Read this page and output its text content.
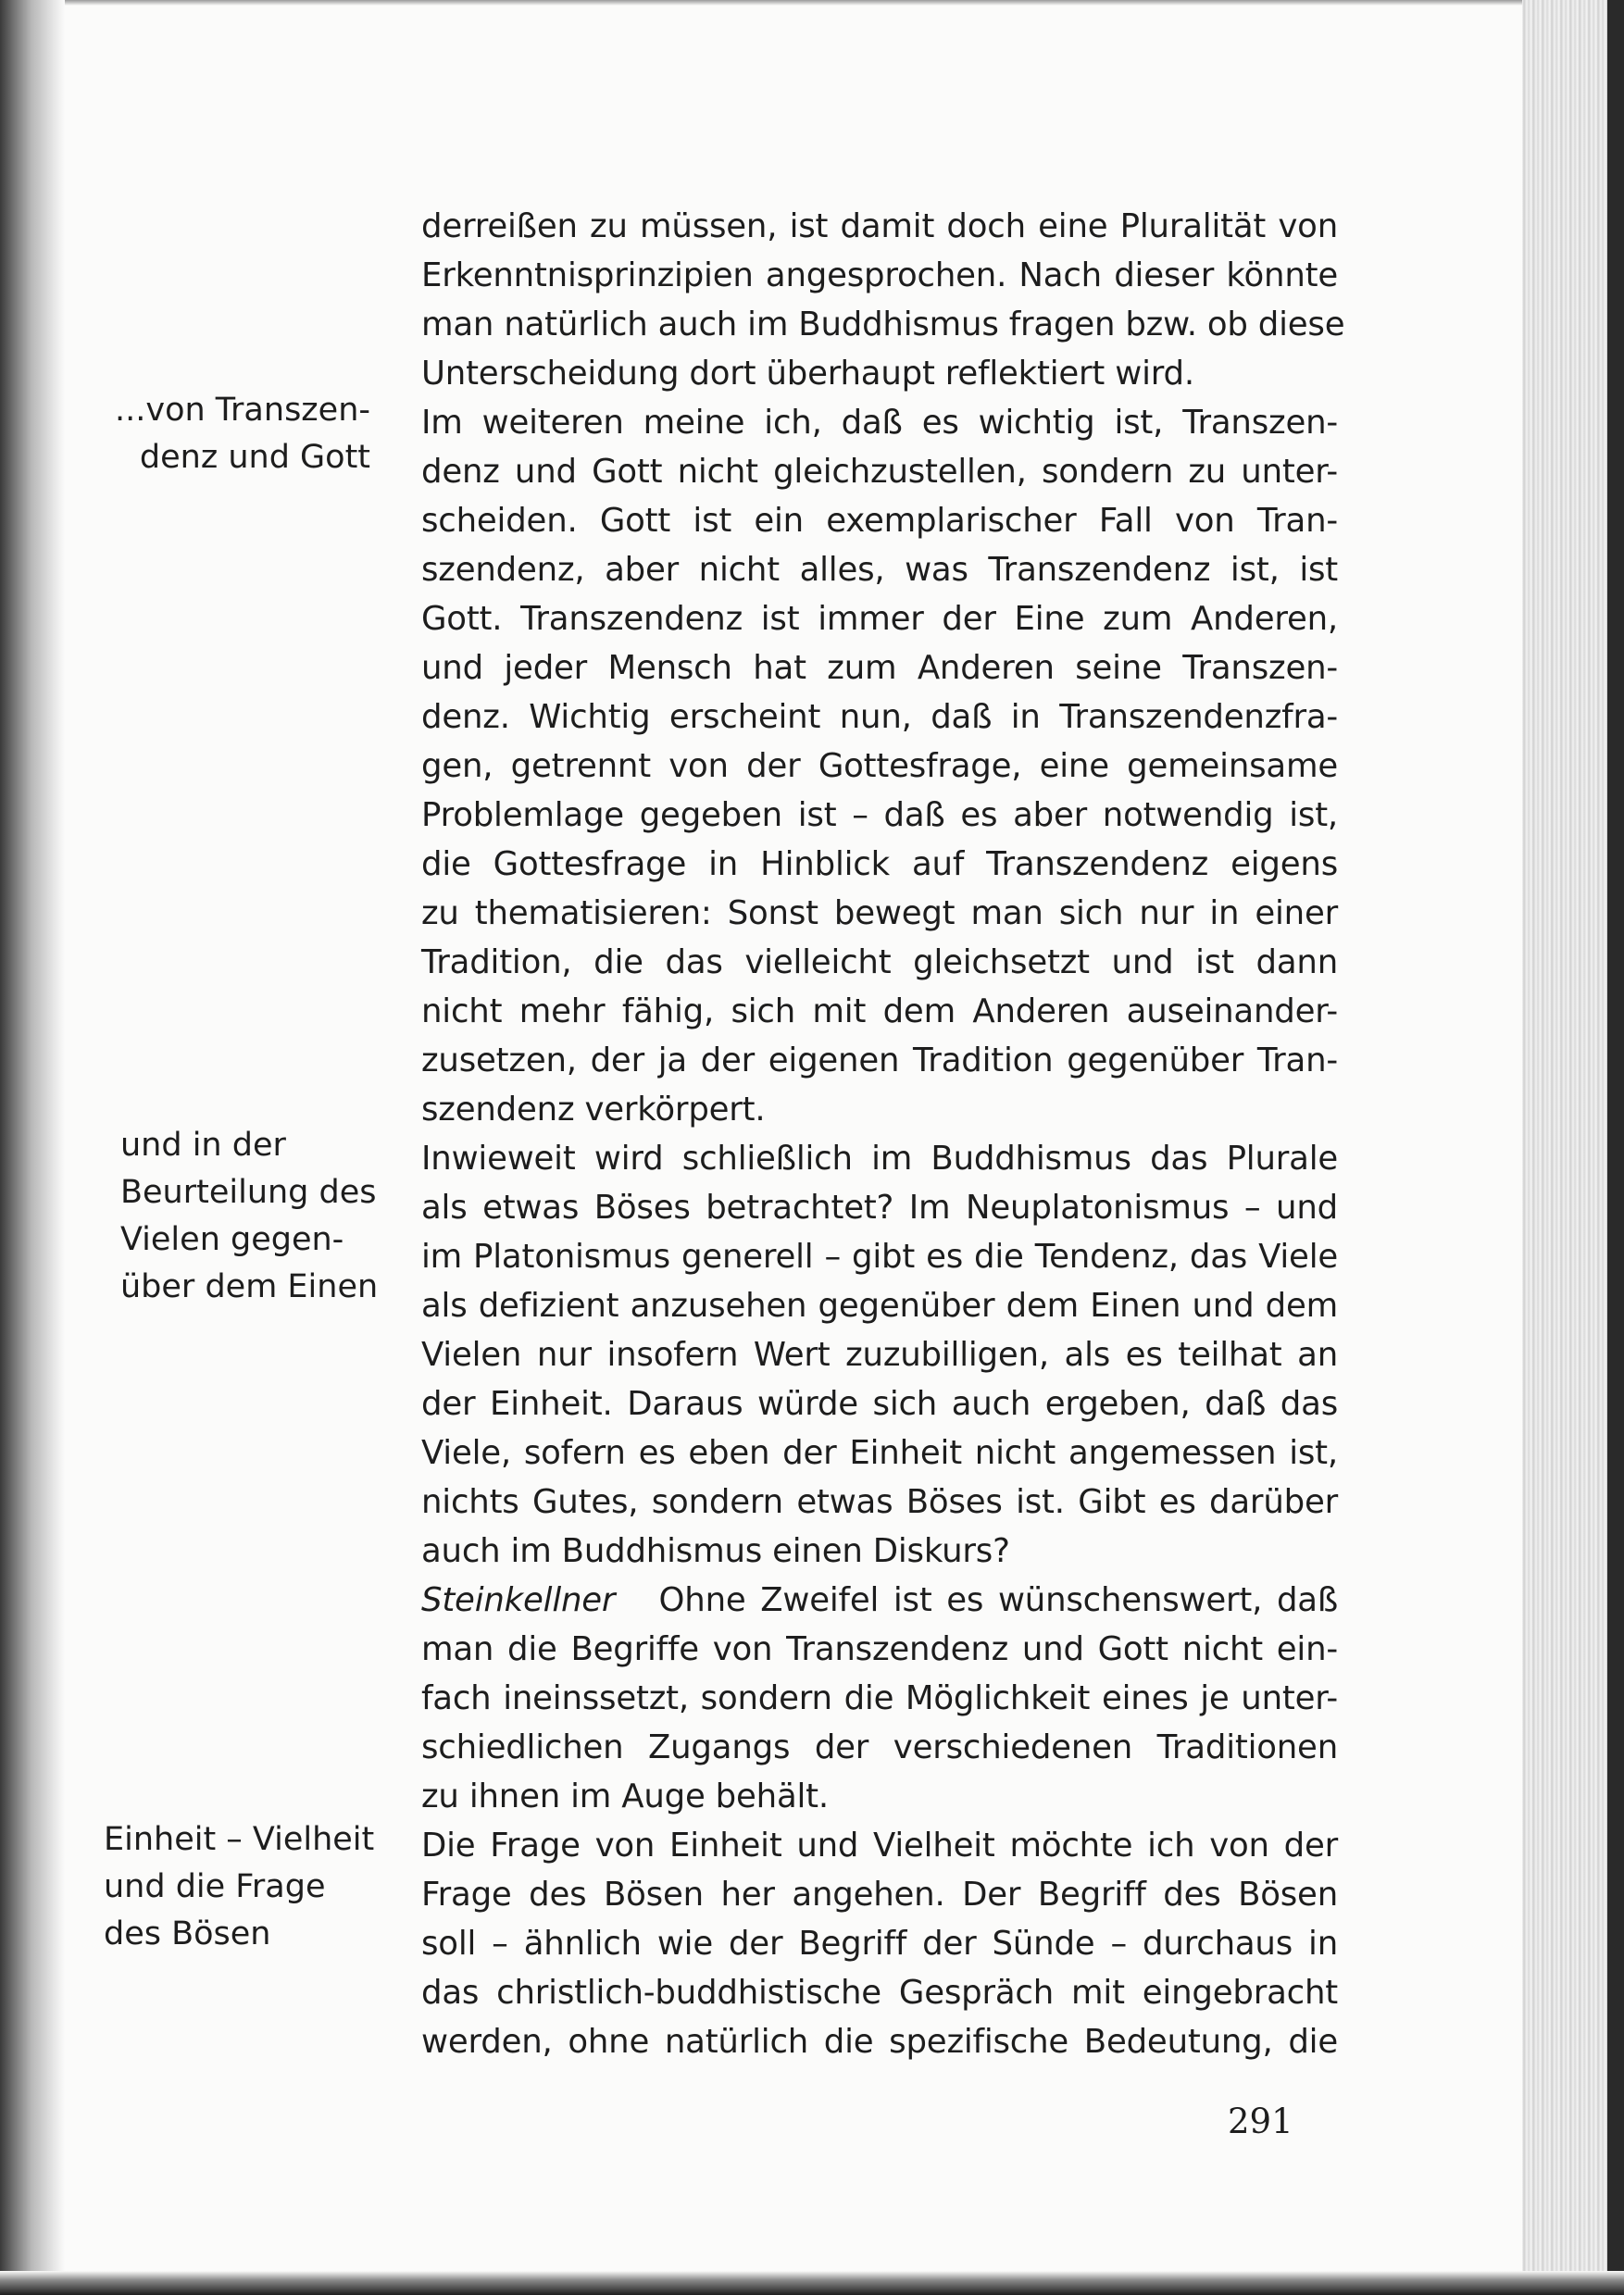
...von Transzen-
denz und Gott
und in der
Beurteilung des
Vielen gegen-
über dem Einen
Einheit – Vielheit
und die Frage
des Bösen
derreißen zu müssen, ist damit doch eine Pluralität von
Erkenntnisprinzipien angesprochen. Nach dieser könnte
man natürlich auch im Buddhismus fragen bzw. ob diese
Unterscheidung dort überhaupt reflektiert wird.
Im weiteren meine ich, daß es wichtig ist, Transzen-
denz und Gott nicht gleichzustellen, sondern zu unter-
scheiden. Gott ist ein exemplarischer Fall von Tran-
szendenz, aber nicht alles, was Transzendenz ist, ist
Gott. Transzendenz ist immer der Eine zum Anderen,
und jeder Mensch hat zum Anderen seine Transzen-
denz. Wichtig erscheint nun, daß in Transzendenzfra-
gen, getrennt von der Gottesfrage, eine gemeinsame
Problemlage gegeben ist – daß es aber notwendig ist,
die Gottesfrage in Hinblick auf Transzendenz eigens
zu thematisieren: Sonst bewegt man sich nur in einer
Tradition, die das vielleicht gleichsetzt und ist dann
nicht mehr fähig, sich mit dem Anderen auseinander-
zusetzen, der ja der eigenen Tradition gegenüber Tran-
szendenz verkörpert.
Inwieweit wird schließlich im Buddhismus das Plurale
als etwas Böses betrachtet? Im Neuplatonismus – und
im Platonismus generell – gibt es die Tendenz, das Viele
als defizient anzusehen gegenüber dem Einen und dem
Vielen nur insofern Wert zuzubilligen, als es teilhat an
der Einheit. Daraus würde sich auch ergeben, daß das
Viele, sofern es eben der Einheit nicht angemessen ist,
nichts Gutes, sondern etwas Böses ist. Gibt es darüber
auch im Buddhismus einen Diskurs?
Steinkellner Ohne Zweifel ist es wünschenswert, daß
man die Begriffe von Transzendenz und Gott nicht ein-
fach ineinssetzt, sondern die Möglichkeit eines je unter-
schiedlichen Zugangs der verschiedenen Traditionen
zu ihnen im Auge behält.
Die Frage von Einheit und Vielheit möchte ich von der
Frage des Bösen her angehen. Der Begriff des Bösen
soll – ähnlich wie der Begriff der Sünde – durchaus in
das christlich-buddhistische Gespräch mit eingebracht
werden, ohne natürlich die spezifische Bedeutung, die
291
